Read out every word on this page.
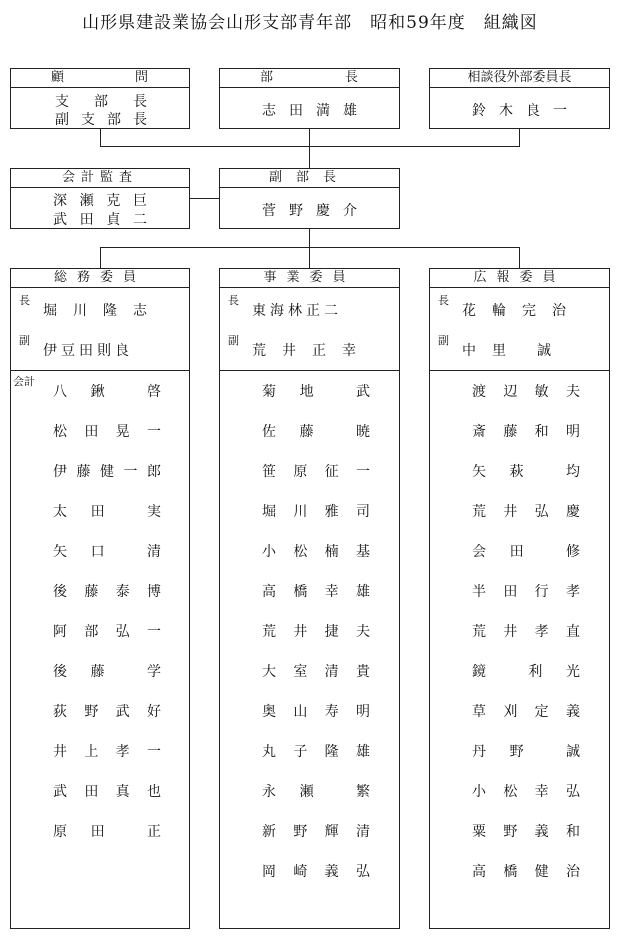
山形県建設業協会山形支部青年部　昭和59年度　組織図
顧	問
支 部 長
副 支 部 長
部	長
志 田 満 雄
相談役外部委員長
鈴 木 良 一
会計監査
深 瀬 克 巨
武 田 貞 二
副部長
菅 野 慶 介
総務委員
長
副
会計
堀　川　隆　志
伊豆田則良
八　鍬　　啓
松田晃一
伊藤健一郎
太　田　　実
矢　口　　清
後藤泰博
阿部弘一
後　藤　　学
荻野武好
井上孝一
武田真也
原　田　　正
事業委員
長
副
東海林正二
荒　井　正　幸
菊　地　　武
佐　藤　　暁
笹原征一
堀川雅司
小松楠基
高橋幸雄
荒井捷夫
大室清貴
奥山寿明
丸子隆雄
永　瀬　　繁
新野輝清
岡崎義弘
広報委員
長
副
花　輪　完　治
中　里　　誠
渡辺敏夫
斎藤和明
矢　萩　　均
荒井弘慶
会　田　　修
半田行孝
荒井孝直
鏡　　利　光
草刈定義
丹　野　　誠
小松幸弘
粟野義和
高橋健治
